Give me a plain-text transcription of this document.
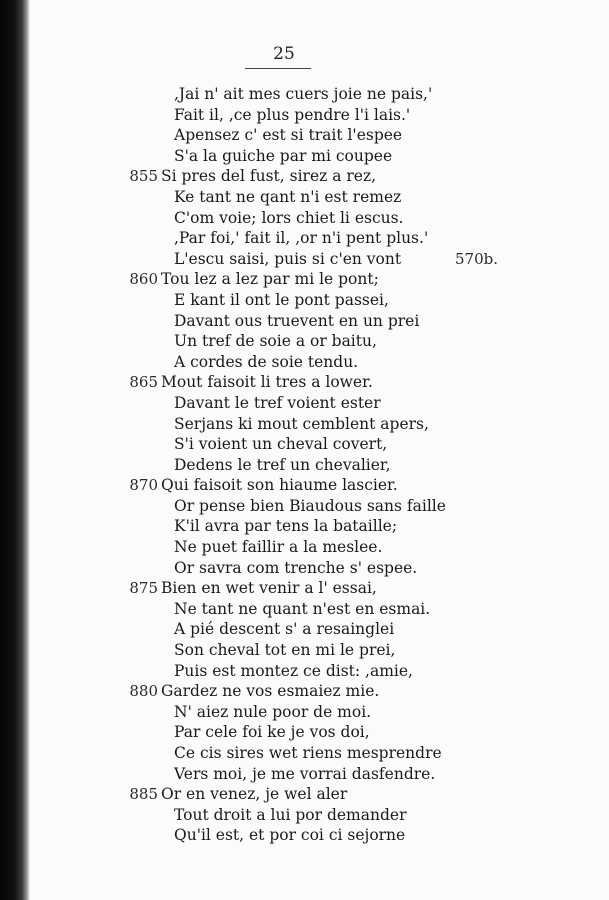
25
,Jai n' ait mes cuers joie ne pais,'
Fait il, ,ce plus pendre l'i lais.'
Apensez c' est si trait l'espee
S'a la guiche par mi coupee
855 Si pres del fust, sirez a rez,
Ke tant ne qant n'i est remez
C'om voie; lors chiet li escus.
,Par foi,' fait il, ,or n'i pent plus.'
L'escu saisi, puis si c'en vont	570b.
860 Tou lez a lez par mi le pont;
E kant il ont le pont passei,
Davant ous truevent en un prei
Un tref de soie a or baitu,
A cordes de soie tendu.
865 Mout faisoit li tres a lower.
Davant le tref voient ester
Serjans ki mout cemblent apers,
S'i voient un cheval covert,
Dedens le tref un chevalier,
870 Qui faisoit son hiaume lascier.
Or pense bien Biaudous sans faille
K'il avra par tens la bataille;
Ne puet faillir a la meslee.
Or savra com trenche s' espee.
875 Bien en wet venir a l' essai,
Ne tant ne quant n'est en esmai.
A pié descent s' a resainglei
Son cheval tot en mi le prei,
Puis est montez ce dist: ,amie,
880 Gardez ne vos esmaiez mie.
N' aiez nule poor de moi.
Par cele foi ke je vos doi,
Ce cis sires wet riens mesprendre
Vers moi, je me vorrai dasfendre.
885 Or en venez, je wel aler
Tout droit a lui por demander
Qu'il est, et por coi ci sejorne
